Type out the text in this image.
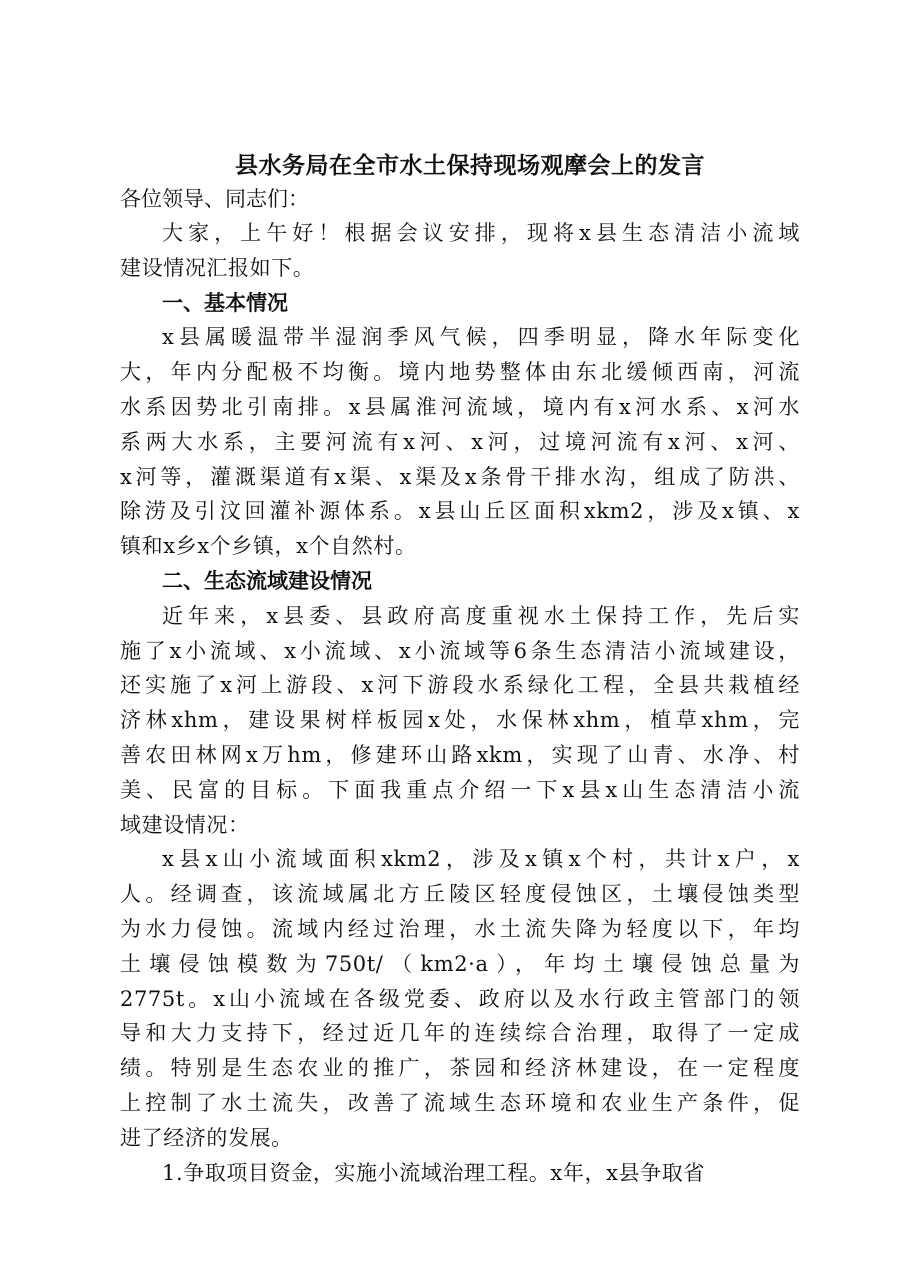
县水务局在全市水土保持现场观摩会上的发言

各位领导、同志们：

大家，上午好！根据会议安排，现将x县生态清洁小流域
建设情况汇报如下。

一、基本情况

x县属暖温带半湿润季风气候，四季明显，降水年际变化
大，年内分配极不均衡。境内地势整体由东北缓倾西南，河流
水系因势北引南排。x县属淮河流域，境内有x河水系、x河水
系两大水系，主要河流有x河、x河，过境河流有x河、x河、
x河等，灌溉渠道有x渠、x渠及x条骨干排水沟，组成了防洪、
除涝及引汶回灌补源体系。x县山丘区面积xkm2，涉及x镇、x
镇和x乡x个乡镇，x个自然村。

二、生态流域建设情况

近年来，x县委、县政府高度重视水土保持工作，先后实
施了x小流域、x小流域、x小流域等6条生态清洁小流域建设，
还实施了x河上游段、x河下游段水系绿化工程，全县共栽植经
济林xhm，建设果树样板园x处，水保林xhm，植草xhm，完
善农田林网x万hm，修建环山路xkm，实现了山青、水净、村
美、民富的目标。下面我重点介绍一下x县x山生态清洁小流
域建设情况：

x县x山小流域面积xkm2，涉及x镇x个村，共计x户，x
人。经调查，该流域属北方丘陵区轻度侵蚀区，土壤侵蚀类型
为水力侵蚀。流域内经过治理，水土流失降为轻度以下，年均
土壤侵蚀模数为750t/（km2·a），年均土壤侵蚀总量为
2775t。x山小流域在各级党委、政府以及水行政主管部门的领
导和大力支持下，经过近几年的连续综合治理，取得了一定成
绩。特别是生态农业的推广，茶园和经济林建设，在一定程度
上控制了水土流失，改善了流域生态环境和农业生产条件，促
进了经济的发展。

1.争取项目资金，实施小流域治理工程。x年，x县争取省
